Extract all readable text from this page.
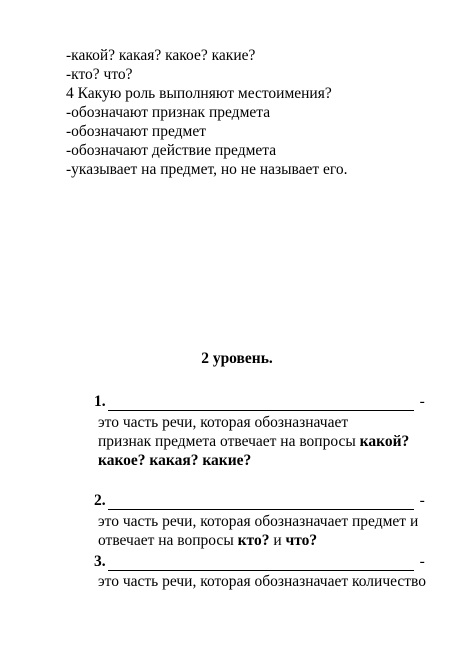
-какой? какая? какое? какие?
-кто? что?
4 Какую роль выполняют местоимения?
-обозначают признак предмета
-обозначают предмет
-обозначают действие предмета
-указывает на предмет, но не называет его.
2 уровень.
1.	-
это часть речи, которая обозназначает
признак предмета отвечает на вопросы какой?
какое? какая? какие?
2.	-
это часть речи, которая обозназначает предмет и
отвечает на вопросы кто? и что?
3.	-
это часть речи, которая обозназначает количество
